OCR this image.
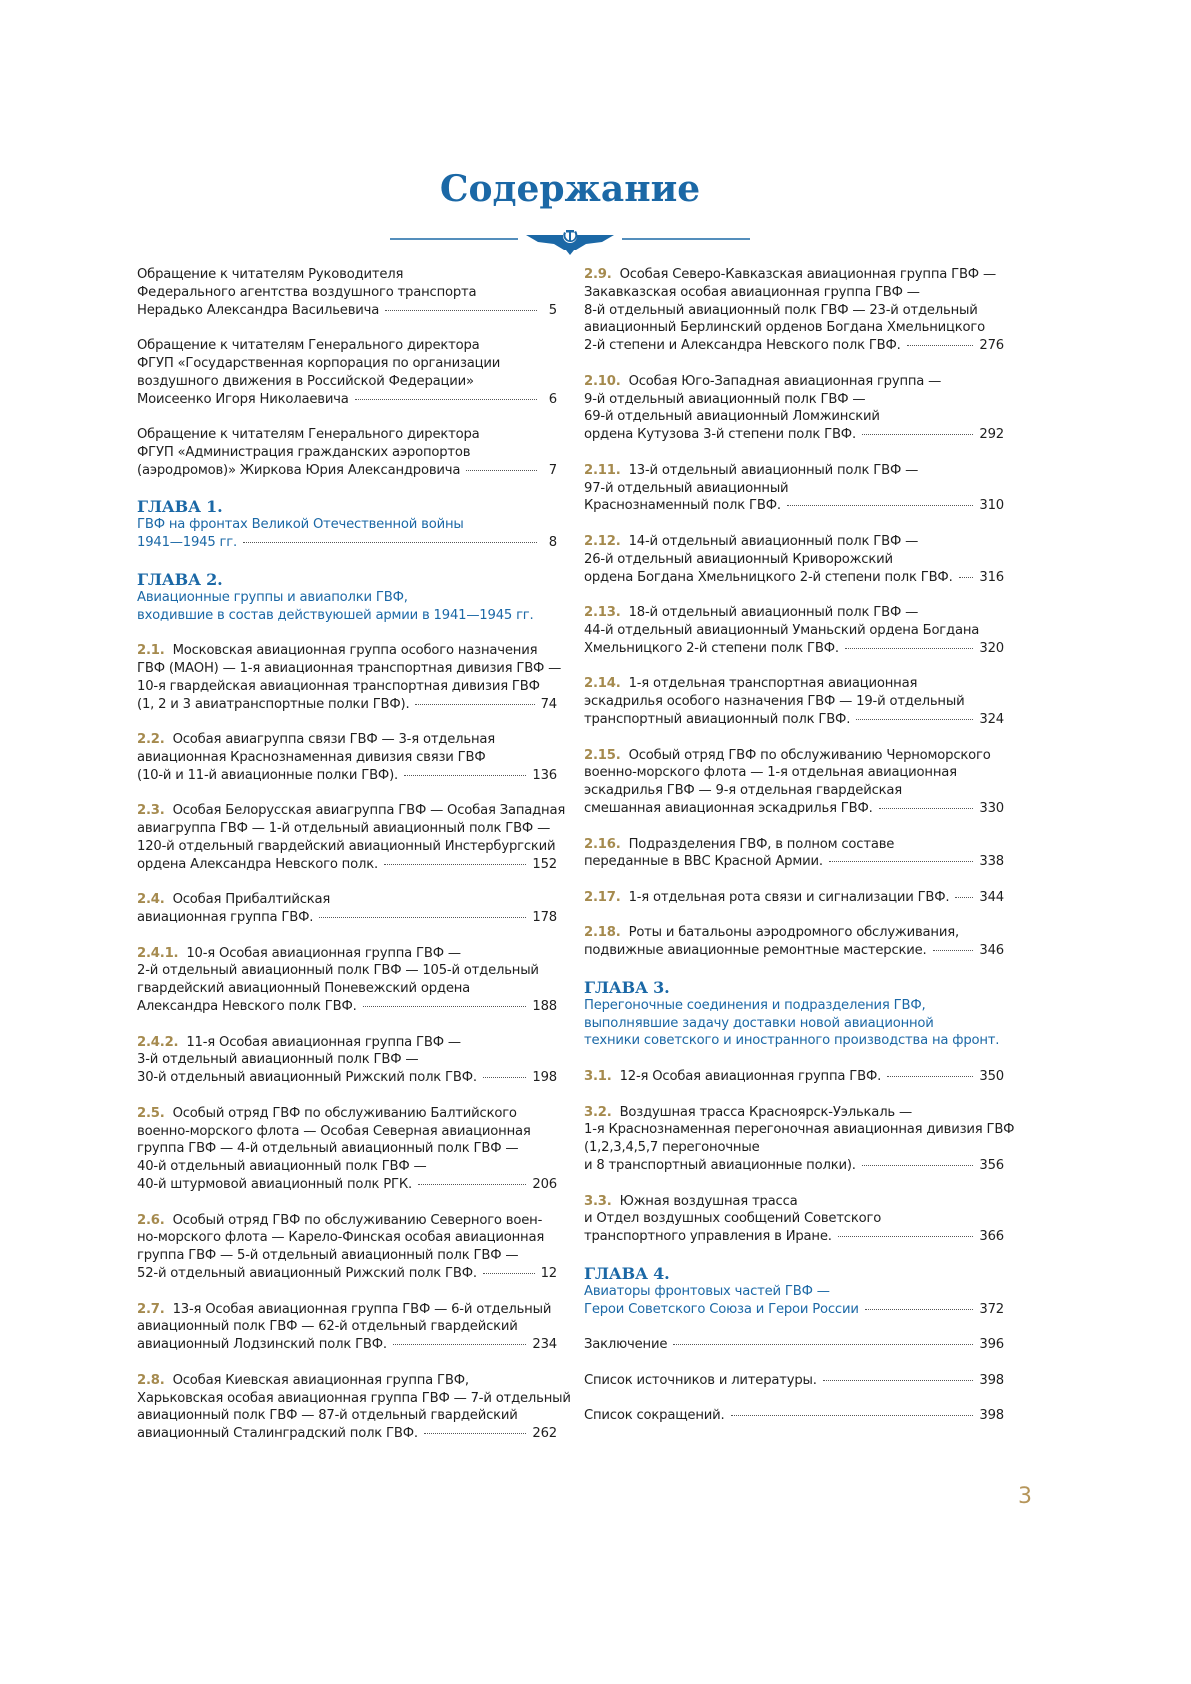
Содержание
Обращение к читателям Руководителя
Федерального агентства воздушного транспорта
Нерадько Александра Васильевича	5
Обращение к читателям Генерального директора
ФГУП «Государственная корпорация по организации
воздушного движения в Российской Федерации»
Моисеенко Игоря Николаевича	6
Обращение к читателям Генерального директора
ФГУП «Администрация гражданских аэропортов
(аэродромов)» Жиркова Юрия Александровича	7
ГЛАВА 1.
ГВФ на фронтах Великой Отечественной войны
1941—1945 гг.	8
ГЛАВА 2.
Авиационные группы и авиаполки ГВФ,
входившие в состав действуюшей армии в 1941—1945 гг.
2.1. Московская авиационная группа особого назначения
ГВФ (МАОН) — 1-я авиационная транспортная дивизия ГВФ —
10-я гвардейская авиационная транспортная дивизия ГВФ
(1, 2 и 3 авиатранспортные полки ГВФ).	74
2.2. Особая авиагруппа связи ГВФ — 3-я отдельная
авиационная Краснознаменная дивизия связи ГВФ
(10-й и 11-й авиационные полки ГВФ).	136
2.3. Особая Белорусская авиагруппа ГВФ — Особая Западная
авиагруппа ГВФ — 1-й отдельный авиационный полк ГВФ —
120-й отдельный гвардейский авиационный Инстербургский
ордена Александра Невского полк.	152
2.4. Особая Прибалтийская
авиационная группа ГВФ.	178
2.4.1. 10-я Особая авиационная группа ГВФ —
2-й отдельный авиационный полк ГВФ — 105-й отдельный
гвардейский авиационный Поневежский ордена
Александра Невского полк ГВФ.	188
2.4.2. 11-я Особая авиационная группа ГВФ —
3-й отдельный авиационный полк ГВФ —
30-й отдельный авиационный Рижский полк ГВФ.	198
2.5. Особый отряд ГВФ по обслуживанию Балтийского
военно-морского флота — Особая Северная авиационная
группа ГВФ — 4-й отдельный авиационный полк ГВФ —
40-й отдельный авиационный полк ГВФ —
40-й штурмовой авиационный полк РГК.	206
2.6. Особый отряд ГВФ по обслуживанию Северного воен-
но-морского флота — Карело-Финская особая авиационная
группа ГВФ — 5-й отдельный авиационный полк ГВФ —
52-й отдельный авиационный Рижский полк ГВФ.	12
2.7. 13-я Особая авиационная группа ГВФ — 6-й отдельный
авиационный полк ГВФ — 62-й отдельный гвардейский
авиационный Лодзинский полк ГВФ.	234
2.8. Особая Киевская авиационная группа ГВФ,
Харьковская особая авиационная группа ГВФ — 7-й отдельный
авиационный полк ГВФ — 87-й отдельный гвардейский
авиационный Сталинградский полк ГВФ.	262
2.9. Особая Северо-Кавказская авиационная группа ГВФ —
Закавказская особая авиационная группа ГВФ —
8-й отдельный авиационный полк ГВФ — 23-й отдельный
авиационный Берлинский орденов Богдана Хмельницкого
2-й степени и Александра Невского полк ГВФ.	276
2.10. Особая Юго-Западная авиационная группа —
9-й отдельный авиационный полк ГВФ —
69-й отдельный авиационный Ломжинский
ордена Кутузова 3-й степени полк ГВФ.	292
2.11. 13-й отдельный авиационный полк ГВФ —
97-й отдельный авиационный
Краснознаменный полк ГВФ.	310
2.12. 14-й отдельный авиационный полк ГВФ —
26-й отдельный авиационный Криворожский
ордена Богдана Хмельницкого 2-й степени полк ГВФ. 316
2.13. 18-й отдельный авиационный полк ГВФ —
44-й отдельный авиационный Уманьский ордена Богдана
Хмельницкого 2-й степени полк ГВФ.	320
2.14. 1-я отдельная транспортная авиационная
эскадрилья особого назначения ГВФ — 19-й отдельный
транспортный авиационный полк ГВФ.	324
2.15. Особый отряд ГВФ по обслуживанию Черноморского
военно-морского флота — 1-я отдельная авиационная
эскадрилья ГВФ — 9-я отдельная гвардейская
смешанная авиационная эскадрилья ГВФ.	330
2.16. Подразделения ГВФ, в полном составе
переданные в ВВС Красной Армии.	338
2.17. 1-я отдельная рота связи и сигнализации ГВФ. 344
2.18. Роты и батальоны аэродромного обслуживания,
подвижные авиационные ремонтные мастерские.	346
ГЛАВА 3.
Перегоночные соединения и подразделения ГВФ,
выполнявшие задачу доставки новой авиационной
техники советского и иностранного производства на фронт.
3.1. 12-я Особая авиационная группа ГВФ.	350
3.2. Воздушная трасса Красноярск-Уэлькаль —
1-я Краснознаменная перегоночная авиационная дивизия ГВФ
(1,2,3,4,5,7 перегоночные
и 8 транспортный авиационные полки).	356
3.3. Южная воздушная трасса
и Отдел воздушных сообщений Советского
транспортного управления в Иране.	366
ГЛАВА 4.
Авиаторы фронтовых частей ГВФ —
Герои Советского Союза и Герои России	372
Заключение	396
Список источников и литературы.	398
Список сокращений.	398
3
